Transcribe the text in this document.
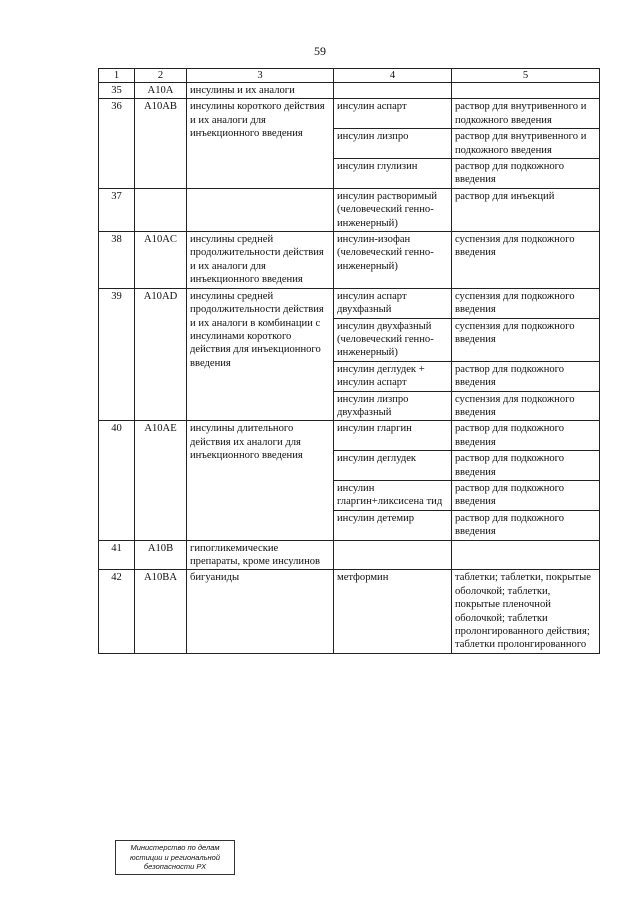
59
1	2	3	4	5
35	A10A	инсулины и их аналоги		
36	A10AB	инсулины короткого действия и их аналоги для инъекционного введения	инсулин аспарт	раствор для внутривенного и подкожного введения
			инсулин лизпро	раствор для внутривенного и подкожного введения
			инсулин глулизин	раствор для подкожного введения
37			инсулин растворимый (человеческий генно-инженерный)	раствор для инъекций
38	A10AC	инсулины средней продолжительности действия и их аналоги для инъекционного введения	инсулин-изофан (человеческий генно-инженерный)	суспензия для подкожного введения
39	A10AD	инсулины средней продолжительности действия и их аналоги в комбинации с инсулинами короткого действия для инъекционного введения	инсулин аспарт двухфазный	суспензия для подкожного введения
			инсулин двухфазный (человеческий генно-инженерный)	суспензия для подкожного введения
			инсулин деглудек + инсулин аспарт	раствор для подкожного введения
			инсулин лизпро двухфазный	суспензия для подкожного введения
40	A10AE	инсулины длительного действия их аналоги для инъекционного введения	инсулин гларгин	раствор для подкожного введения
			инсулин деглудек	раствор для подкожного введения
			инсулин гларгин+ликсисена тид	раствор для подкожного введения
			инсулин детемир	раствор для подкожного введения
41	A10B	гипогликемические препараты, кроме инсулинов		
42	A10BA	бигуаниды	метформин	таблетки; таблетки, покрытые оболочкой; таблетки, покрытые пленочной оболочкой; таблетки пролонгированного действия; таблетки пролонгированного
Министерство по делам юстиции и региональной безопасности РХ
